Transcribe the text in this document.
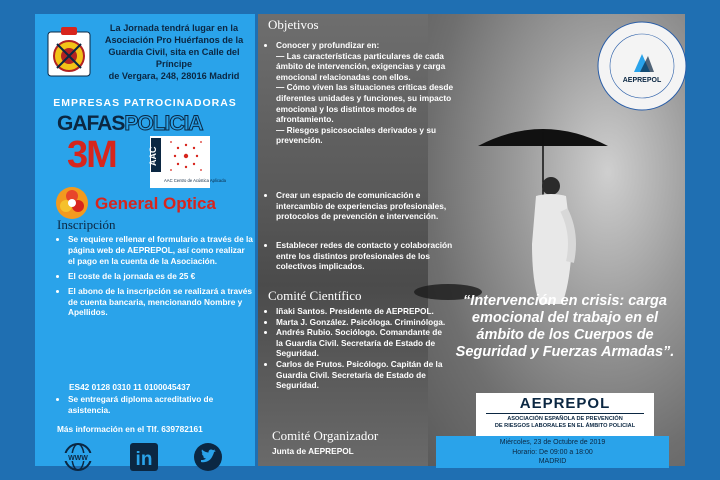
La Jornada tendrá lugar en la
Asociación Pro Huérfanos de la
Guardia Civil, sita en Calle del Príncipe
de Vergara, 248, 28016 Madrid
EMPRESAS PATROCINADORAS
GAFASPOLICIA
3M	AAC
AAC Centro de Acústica Aplicada
General Optica
Inscripción
• Se requiere rellenar el formulario a través de la página web de AEPREPOL, así como realizar el pago en la cuenta de la Asociación.
• El coste de la jornada es de 25 €
• El abono de la inscripción se realizará a través de cuenta bancaria, mencionando Nombre y Apellidos.
ES42 0128 0310 11 0100045437
• Se entregará diploma acreditativo de asistencia.
Más información en el Tlf. 639782161
WWW	in
AEPREPOL
Objetivos
• Conocer y profundizar en:
— Las características particulares de cada ámbito de intervención, exigencias y carga emocional relacionadas con ellos.
— Cómo viven las situaciones críticas desde diferentes unidades y funciones, su impacto emocional y los distintos modos de afrontamiento.
— Riesgos psicosociales derivados y su prevención.
• Crear un espacio de comunicación e intercambio de experiencias profesionales, protocolos de prevención e intervención.
• Establecer redes de contacto y colaboración entre los distintos profesionales de los colectivos implicados.
Comité Científico
• Iñaki Santos. Presidente de AEPREPOL.
• Marta J. González. Psicóloga. Criminóloga.
• Andrés Rubio. Sociólogo. Comandante de la Guardia Civil. Secretaría de Estado de Seguridad.
• Carlos de Frutos. Psicólogo. Capitán de la Guardia Civil. Secretaría de Estado de Seguridad.
Comité Organizador
Junta de AEPREPOL
“Intervención en crisis: carga emocional del trabajo en el ámbito de los Cuerpos de Seguridad y Fuerzas Armadas”.
AEPREPOL
ASOCIACIÓN ESPAÑOLA DE PREVENCIÓN
DE RIESGOS LABORALES EN EL ÁMBITO POLICIAL
Miércoles, 23 de Octubre de 2019
Horario: De 09:00 a 18:00
MADRID
